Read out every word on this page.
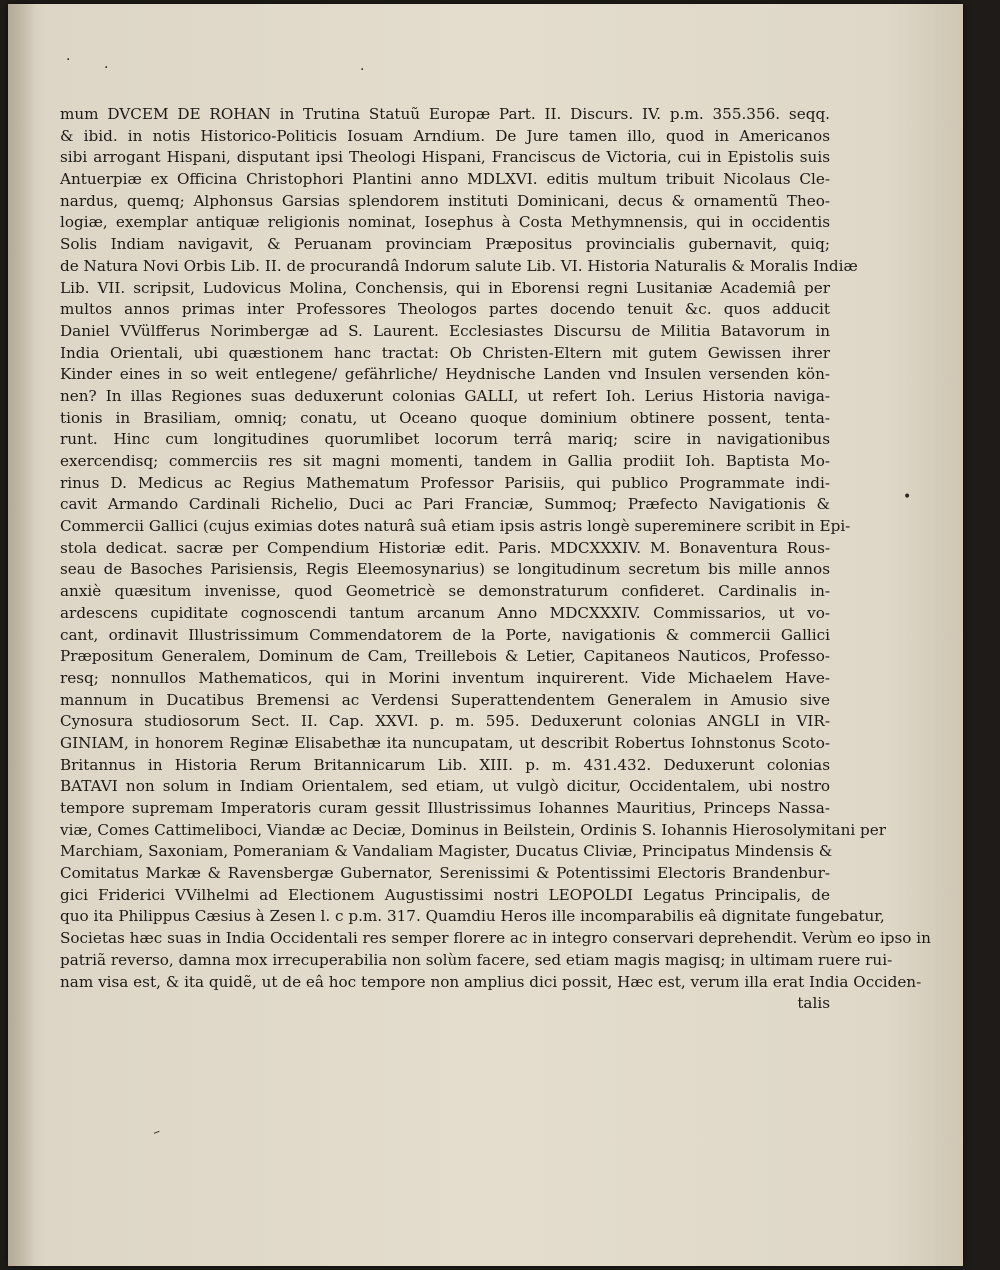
· ·	·
•
–
mum DVCEM DE ROHAN in Trutina Statuũ Europæ Part. II. Discurs. IV. p.m. 355.356. seqq.
& ibid. in notis Historico-Politicis Iosuam Arndium. De Jure tamen illo, quod in Americanos
sibi arrogant Hispani, disputant ipsi Theologi Hispani, Franciscus de Victoria, cui in Epistolis suis
Antuerpiæ ex Officina Christophori Plantini anno MDLXVI. editis multum tribuit Nicolaus Cle-
nardus, quemq; Alphonsus Garsias splendorem instituti Dominicani, decus & ornamentũ Theo-
logiæ, exemplar antiquæ religionis nominat, Iosephus à Costa Methymnensis, qui in occidentis
Solis Indiam navigavit, & Peruanam provinciam Præpositus provincialis gubernavit, quiq;
de Natura Novi Orbis Lib. II. de procurandâ Indorum salute Lib. VI. Historia Naturalis & Moralis Indiæ
Lib. VII. scripsit, Ludovicus Molina, Conchensis, qui in Eborensi regni Lusitaniæ Academiâ per
multos annos primas inter Professores Theologos partes docendo tenuit &c. quos adducit
Daniel VVülfferus Norimbergæ ad S. Laurent. Ecclesiastes Discursu de Militia Batavorum in
India Orientali, ubi quæstionem hanc tractat: Ob Christen-Eltern mit gutem Gewissen ihrer
Kinder eines in so weit entlegene/ gefährliche/ Heydnische Landen vnd Insulen versenden kön-
nen? In illas Regiones suas deduxerunt colonias GALLI, ut refert Ioh. Lerius Historia naviga-
tionis in Brasiliam, omniq; conatu, ut Oceano quoque dominium obtinere possent, tenta-
runt. Hinc cum longitudines quorumlibet locorum terrâ mariq; scire in navigationibus
exercendisq; commerciis res sit magni momenti, tandem in Gallia prodiit Ioh. Baptista Mo-
rinus D. Medicus ac Regius Mathematum Professor Parisiis, qui publico Programmate indi-
cavit Armando Cardinali Richelio, Duci ac Pari Franciæ, Summoq; Præfecto Navigationis &
Commercii Gallici (cujus eximias dotes naturâ suâ etiam ipsis astris longè supereminere scribit in Epi-
stola dedicat. sacræ per Compendium Historiæ edit. Paris. MDCXXXIV. M. Bonaventura Rous-
seau de Basoches Parisiensis, Regis Eleemosynarius) se longitudinum secretum bis mille annos
anxiè quæsitum invenisse, quod Geometricè se demonstraturum confideret. Cardinalis in-
ardescens cupiditate cognoscendi tantum arcanum Anno MDCXXXIV. Commissarios, ut vo-
cant, ordinavit Illustrissimum Commendatorem de la Porte, navigationis & commercii Gallici
Præpositum Generalem, Dominum de Cam, Treillebois & Letier, Capitaneos Nauticos, Professo-
resq; nonnullos Mathematicos, qui in Morini inventum inquirerent. Vide Michaelem Have-
mannum in Ducatibus Bremensi ac Verdensi Superattendentem Generalem in Amusio sive
Cynosura studiosorum Sect. II. Cap. XXVI. p. m. 595. Deduxerunt colonias ANGLI in VIR-
GINIAM, in honorem Reginæ Elisabethæ ita nuncupatam, ut describit Robertus Iohnstonus Scoto-
Britannus in Historia Rerum Britannicarum Lib. XIII. p. m. 431.432. Deduxerunt colonias
BATAVI non solum in Indiam Orientalem, sed etiam, ut vulgò dicitur, Occidentalem, ubi nostro
tempore supremam Imperatoris curam gessit Illustrissimus Iohannes Mauritius, Princeps Nassa-
viæ, Comes Cattimeliboci, Viandæ ac Deciæ, Dominus in Beilstein, Ordinis S. Iohannis Hierosolymitani per
Marchiam, Saxoniam, Pomeraniam & Vandaliam Magister, Ducatus Cliviæ, Principatus Mindensis &
Comitatus Markæ & Ravensbergæ Gubernator, Serenissimi & Potentissimi Electoris Brandenbur-
gici Friderici VVilhelmi ad Electionem Augustissimi nostri LEOPOLDI Legatus Principalis, de
quo ita Philippus Cæsius à Zesen l. c p.m. 317. Quamdiu Heros ille incomparabilis eâ dignitate fungebatur,
Societas hæc suas in India Occidentali res semper florere ac in integro conservari deprehendit. Verùm eo ipso in
patriã reverso, damna mox irrecuperabilia non solùm facere, sed etiam magis magisq; in ultimam ruere rui-
nam visa est, & ita quidẽ, ut de eâ hoc tempore non amplius dici possit, Hæc est, verum illa erat India Occiden-
talis
